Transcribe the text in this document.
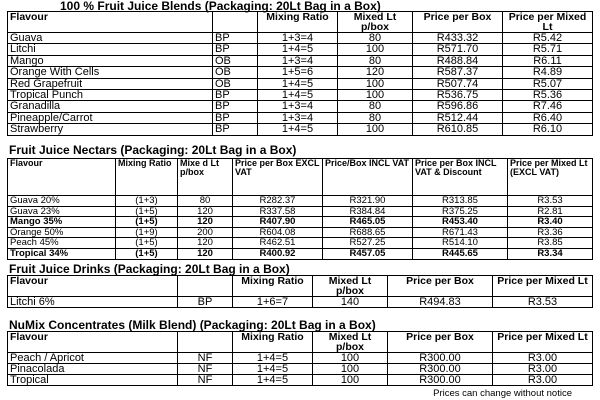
100 % Fruit Juice Blends (Packaging: 20Lt Bag in a Box)
Flavour		Mixing Ratio	Mixed Lt p/box	Price per Box	Price per Mixed Lt
Guava	BP	1+3=4	80	R433.32	R5.42
Litchi	BP	1+4=5	100	R571.70	R5.71
Mango	OB	1+3=4	80	R488.84	R6.11
Orange With Cells	OB	1+5=6	120	R587.37	R4.89
Red Grapefruit	OB	1+4=5	100	R507.74	R5.07
Tropical Punch	BP	1+4=5	100	R536.75	R5.36
Granadilla	BP	1+3=4	80	R596.86	R7.46
Pineapple/Carrot	BP	1+3=4	80	R512.44	R6.40
Strawberry	BP	1+4=5	100	R610.85	R6.10
Fruit Juice Nectars (Packaging: 20Lt Bag in a Box)
Flavour	Mixing Ratio	Mixe d Lt p/box	Price per Box EXCL VAT	Price/Box INCL VAT	Price per Box INCL VAT & Discount	Price per Mixed Lt (EXCL VAT)
Guava 20%	(1+3)	80	R282.37	R321.90	R313.85	R3.53
Guava 23%	(1+5)	120	R337.58	R384.84	R375.25	R2.81
Mango 35%	(1+5)	120	R407.90	R465.05	R453.40	R3.40
Orange 50%	(1+9)	200	R604.08	R688.65	R671.43	R3.36
Peach 45%	(1+5)	120	R462.51	R527.25	R514.10	R3.85
Tropical 34%	(1+5)	120	R400.92	R457.05	R445.65	R3.34
Fruit Juice Drinks (Packaging: 20Lt Bag in a Box)
Flavour		Mixing Ratio	Mixed Lt p/box	Price per Box	Price per Mixed Lt
Litchi 6%	BP	1+6=7	140	R494.83	R3.53
NuMix Concentrates (Milk Blend) (Packaging: 20Lt Bag in a Box)
Flavour		Mixing Ratio	Mixed Lt p/box	Price per Box	Price per Mixed Lt
Peach / Apricot	NF	1+4=5	100	R300.00	R3.00
Pinacolada	NF	1+4=5	100	R300.00	R3.00
Tropical	NF	1+4=5	100	R300.00	R3.00
Prices can change without notice
